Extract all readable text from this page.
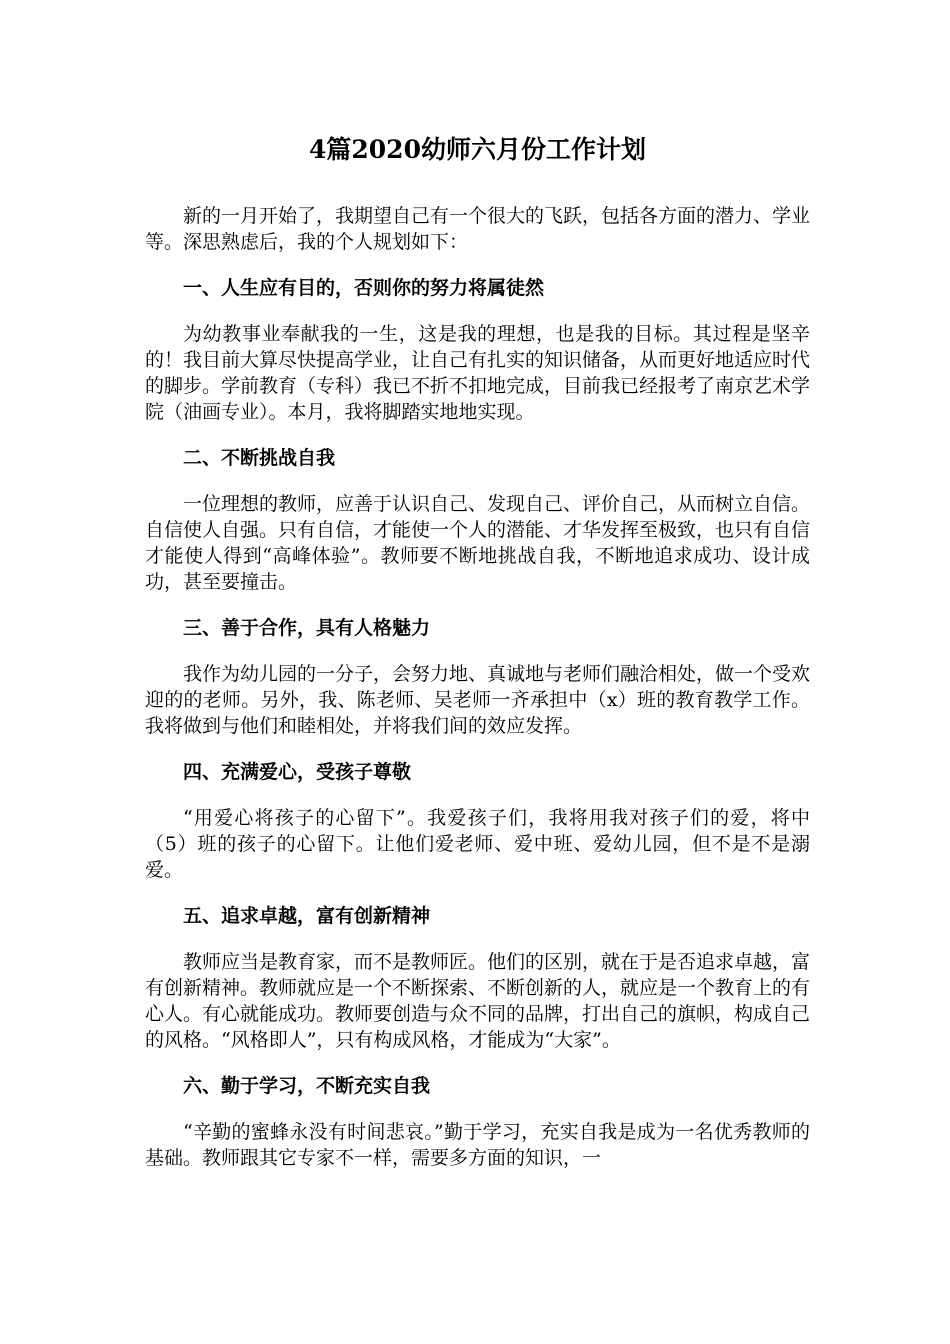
4篇2020幼师六月份工作计划

新的一月开始了，我期望自己有一个很大的飞跃，包括各方面的潜力、学业等。深思熟虑后，我的个人规划如下：

一、人生应有目的，否则你的努力将属徒然

为幼教事业奉献我的一生，这是我的理想，也是我的目标。其过程是坚辛的！我目前大算尽快提高学业，让自己有扎实的知识储备，从而更好地适应时代的脚步。学前教育（专科）我已不折不扣地完成，目前我已经报考了南京艺术学院（油画专业）。本月，我将脚踏实地地实现。

二、不断挑战自我

一位理想的教师，应善于认识自己、发现自己、评价自己，从而树立自信。自信使人自强。只有自信，才能使一个人的潜能、才华发挥至极致，也只有自信才能使人得到“高峰体验”。教师要不断地挑战自我，不断地追求成功、设计成功，甚至要撞击。

三、善于合作，具有人格魅力

我作为幼儿园的一分子，会努力地、真诚地与老师们融洽相处，做一个受欢迎的的老师。另外，我、陈老师、吴老师一齐承担中（x）班的教育教学工作。我将做到与他们和睦相处，并将我们间的效应发挥。

四、充满爱心，受孩子尊敬

“用爱心将孩子的心留下”。我爱孩子们，我将用我对孩子们的爱，将中（5）班的孩子的心留下。让他们爱老师、爱中班、爱幼儿园，但不是不是溺爱。

五、追求卓越，富有创新精神

教师应当是教育家，而不是教师匠。他们的区别，就在于是否追求卓越，富有创新精神。教师就应是一个不断探索、不断创新的人，就应是一个教育上的有心人。有心就能成功。教师要创造与众不同的品牌，打出自己的旗帜，构成自己的风格。“风格即人”，只有构成风格，才能成为“大家”。

六、勤于学习，不断充实自我

“辛勤的蜜蜂永没有时间悲哀。”勤于学习，充实自我是成为一名优秀教师的基础。教师跟其它专家不一样，需要多方面的知识，一
